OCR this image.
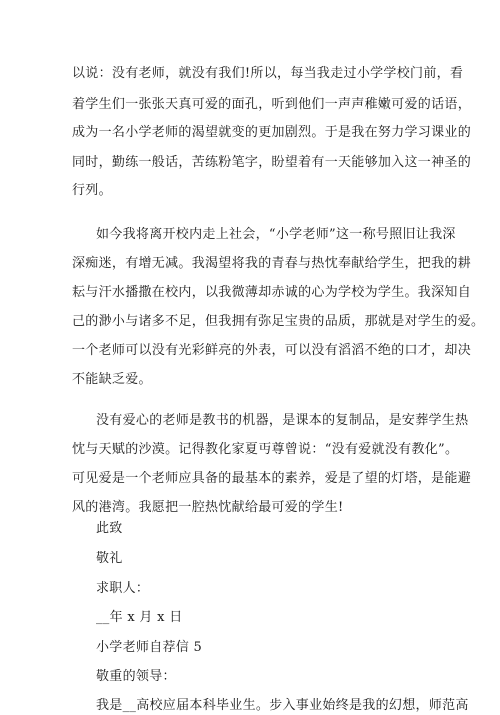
以说：没有老师，就没有我们!所以，每当我走过小学学校门前，看
着学生们一张张天真可爱的面孔，听到他们一声声稚嫩可爱的话语，
成为一名小学老师的渴望就变的更加剧烈。于是我在努力学习课业的
同时，勤练一般话，苦练粉笔字，盼望着有一天能够加入这一神圣的
行列。
如今我将离开校内走上社会，“小学老师”这一称号照旧让我深
深痴迷，有增无减。我渴望将我的青春与热忱奉献给学生，把我的耕
耘与汗水播撒在校内，以我微薄却赤诚的心为学校为学生。我深知自
己的渺小与诸多不足，但我拥有弥足宝贵的品质，那就是对学生的爱。
一个老师可以没有光彩鲜亮的外表，可以没有滔滔不绝的口才，却决
不能缺乏爱。
没有爱心的老师是教书的机器，是课本的复制品，是安葬学生热
忱与天赋的沙漠。记得教化家夏丏尊曾说：“没有爱就没有教化”。
可见爱是一个老师应具备的最基本的素养，爱是了望的灯塔，是能避
风的港湾。我愿把一腔热忱献给最可爱的学生!
此致
敬礼
求职人：
__年 x 月 x 日
小学老师自荐信 5
敬重的领导：
我是__高校应届本科毕业生。步入事业始终是我的幻想，师范高
